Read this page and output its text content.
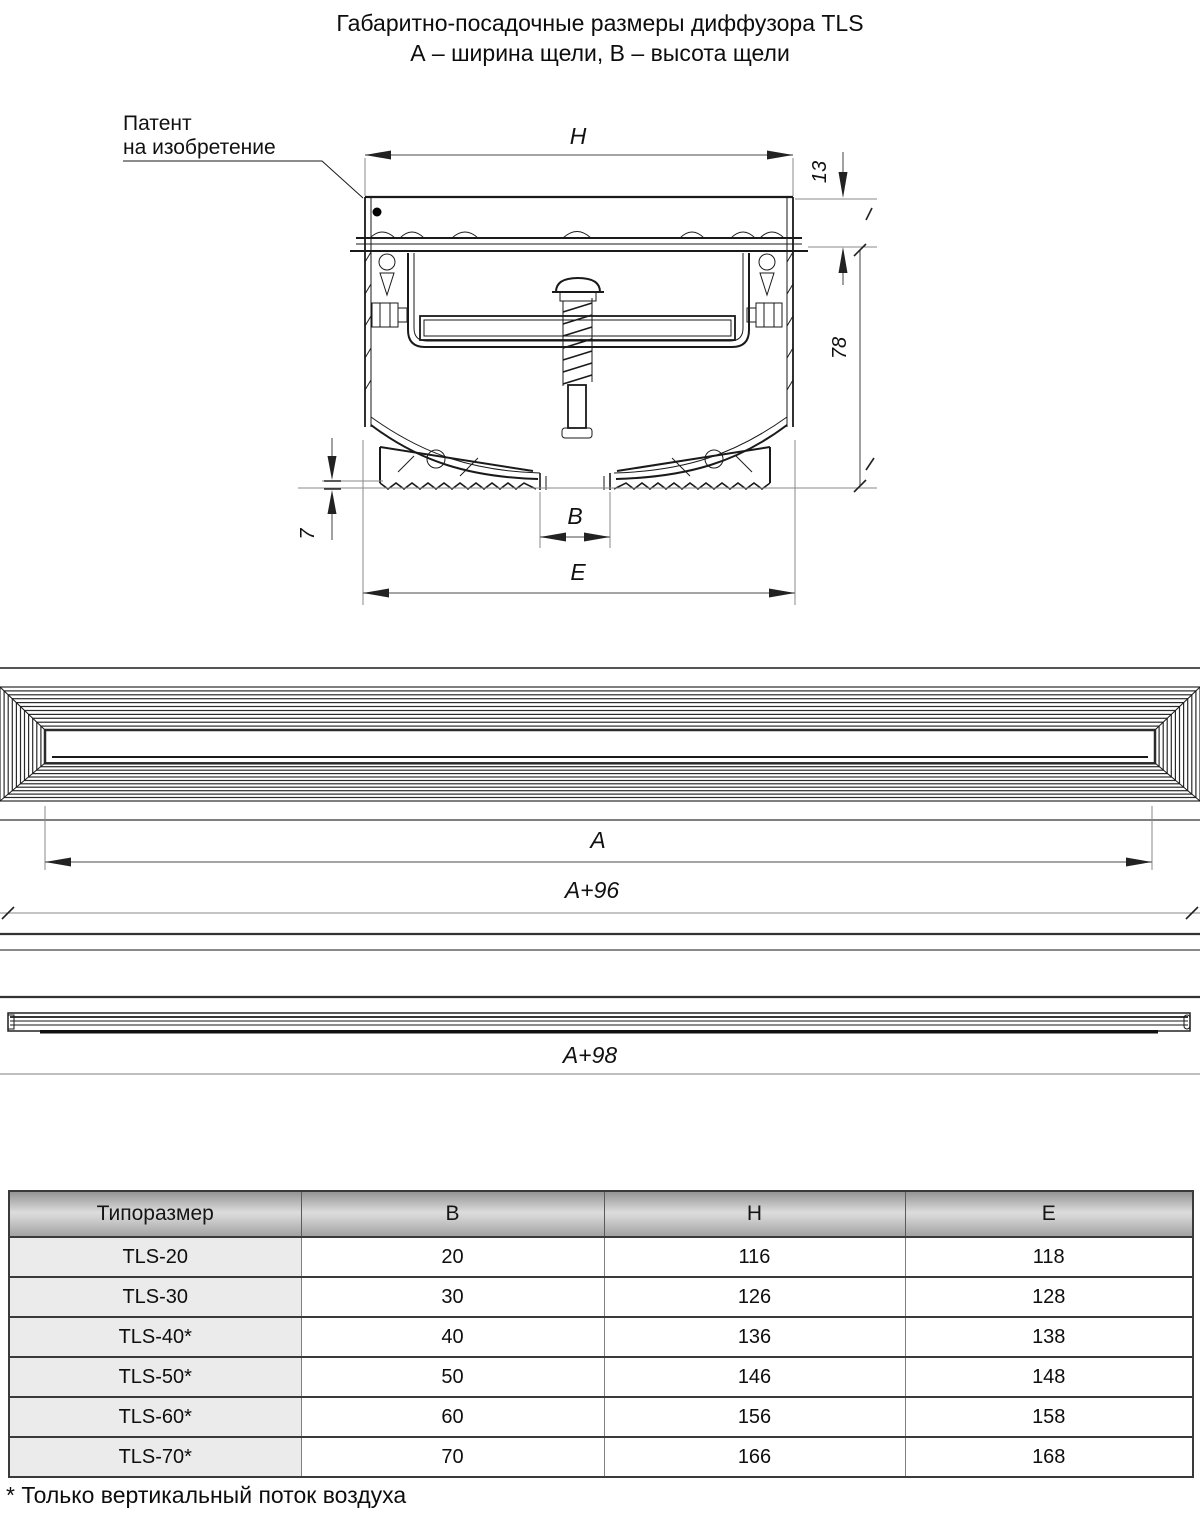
Габаритно-посадочные размеры диффузора TLS
А – ширина щели, В – высота щели
Патент
на изобретение	H
13
78
7
B
E
A
A+96
A+98
Типоразмер	B	H	E
TLS-20	20	116	118
TLS-30	30	126	128
TLS-40*	40	136	138
TLS-50*	50	146	148
TLS-60*	60	156	158
TLS-70*	70	166	168
* Только вертикальный поток воздуха
